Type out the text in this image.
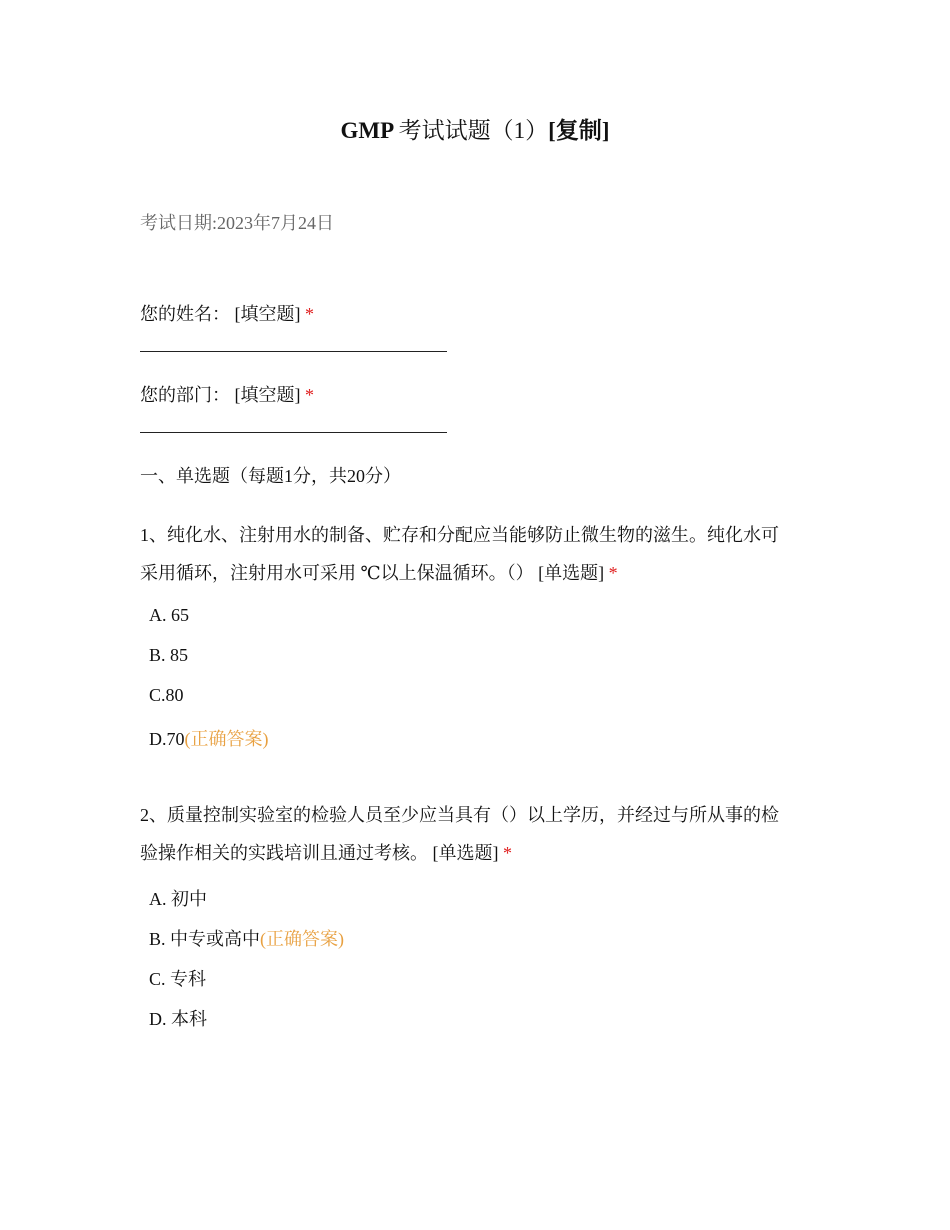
GMP 考试试题（1）[复制]
考试日期:2023年7月24日
您的姓名： [填空题] *
您的部门： [填空题] *
一、单选题（每题1分，共20分）
1、纯化水、注射用水的制备、贮存和分配应当能够防止微生物的滋生。纯化水可
采用循环，注射用水可采用 ℃以上保温循环。（） [单选题] *
A. 65
B. 85
C.80
D.70(正确答案)
2、质量控制实验室的检验人员至少应当具有（）以上学历，并经过与所从事的检
验操作相关的实践培训且通过考核。 [单选题] *
A. 初中
B. 中专或高中(正确答案)
C. 专科
D. 本科
